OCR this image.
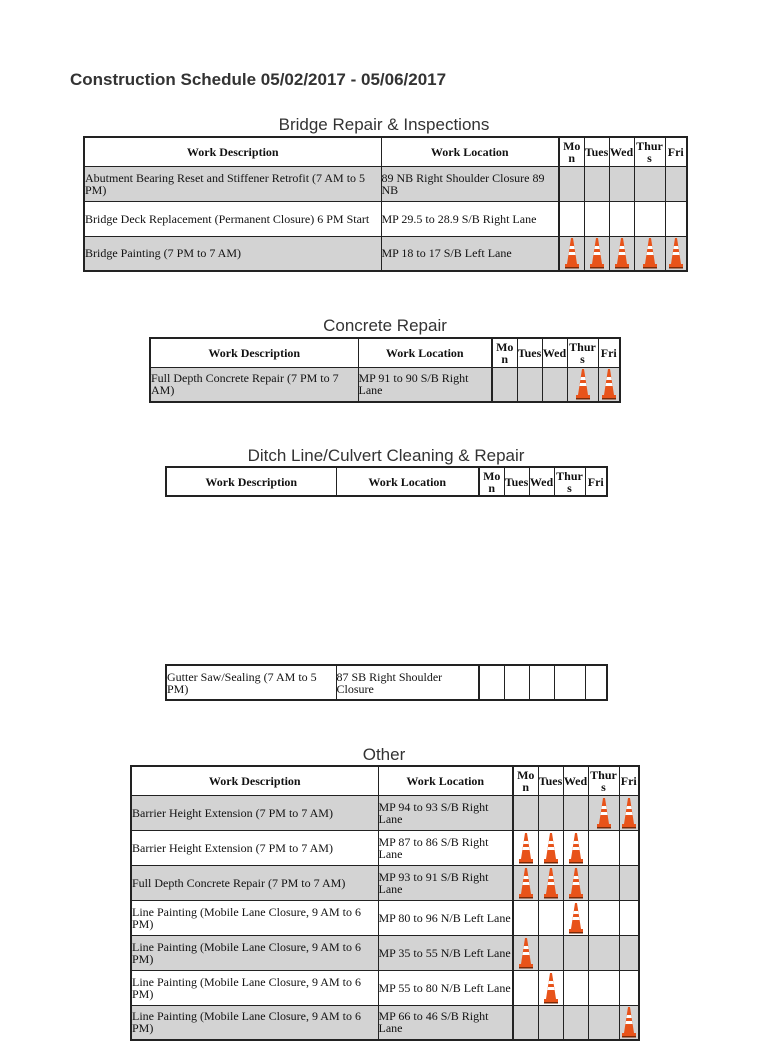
Construction Schedule 05/02/2017 - 05/06/2017
Bridge Repair & Inspections
Work Description	Work Location	Mon	Tues	Wed	Thurs	Fri
Abutment Bearing Reset and Stiffener Retrofit (7 AM to 5 PM)	89 NB Right Shoulder Closure 89 NB					
Bridge Deck Replacement (Permanent Closure) 6 PM Start	MP 29.5 to 28.9 S/B Right Lane					
Bridge Painting (7 PM to 7 AM)	MP 18 to 17 S/B Left Lane	

Concrete Repair
Work Description	Work Location	Mon	Tues	Wed	Thurs	Fri
Full Depth Concrete Repair (7 PM to 7 AM)	MP 91 to 90 S/B Right Lane				

Ditch Line/Culvert Cleaning & Repair
Work Description	Work Location	Mon	Tues	Wed	Thurs	Fri
Gutter Saw/Sealing (7 AM to 5 PM)	87 SB Right Shoulder Closure					
Other
Work Description	Work Location	Mon	Tues	Wed	Thurs	Fri
Barrier Height Extension (7 PM to 7 AM)	MP 94 to 93 S/B Right Lane				

Barrier Height Extension (7 PM to 7 AM)	MP 87 to 86 S/B Right Lane	

Full Depth Concrete Repair (7 PM to 7 AM)	MP 93 to 91 S/B Right Lane	

Line Painting (Mobile Lane Closure, 9 AM to 6 PM)	MP 80 to 96 N/B Left Lane			

Line Painting (Mobile Lane Closure, 9 AM to 6 PM)	MP 35 to 55 N/B Left Lane	

Line Painting (Mobile Lane Closure, 9 AM to 6 PM)	MP 55 to 80 N/B Left Lane		

Line Painting (Mobile Lane Closure, 9 AM to 6 PM)	MP 66 to 46 S/B Right Lane					
